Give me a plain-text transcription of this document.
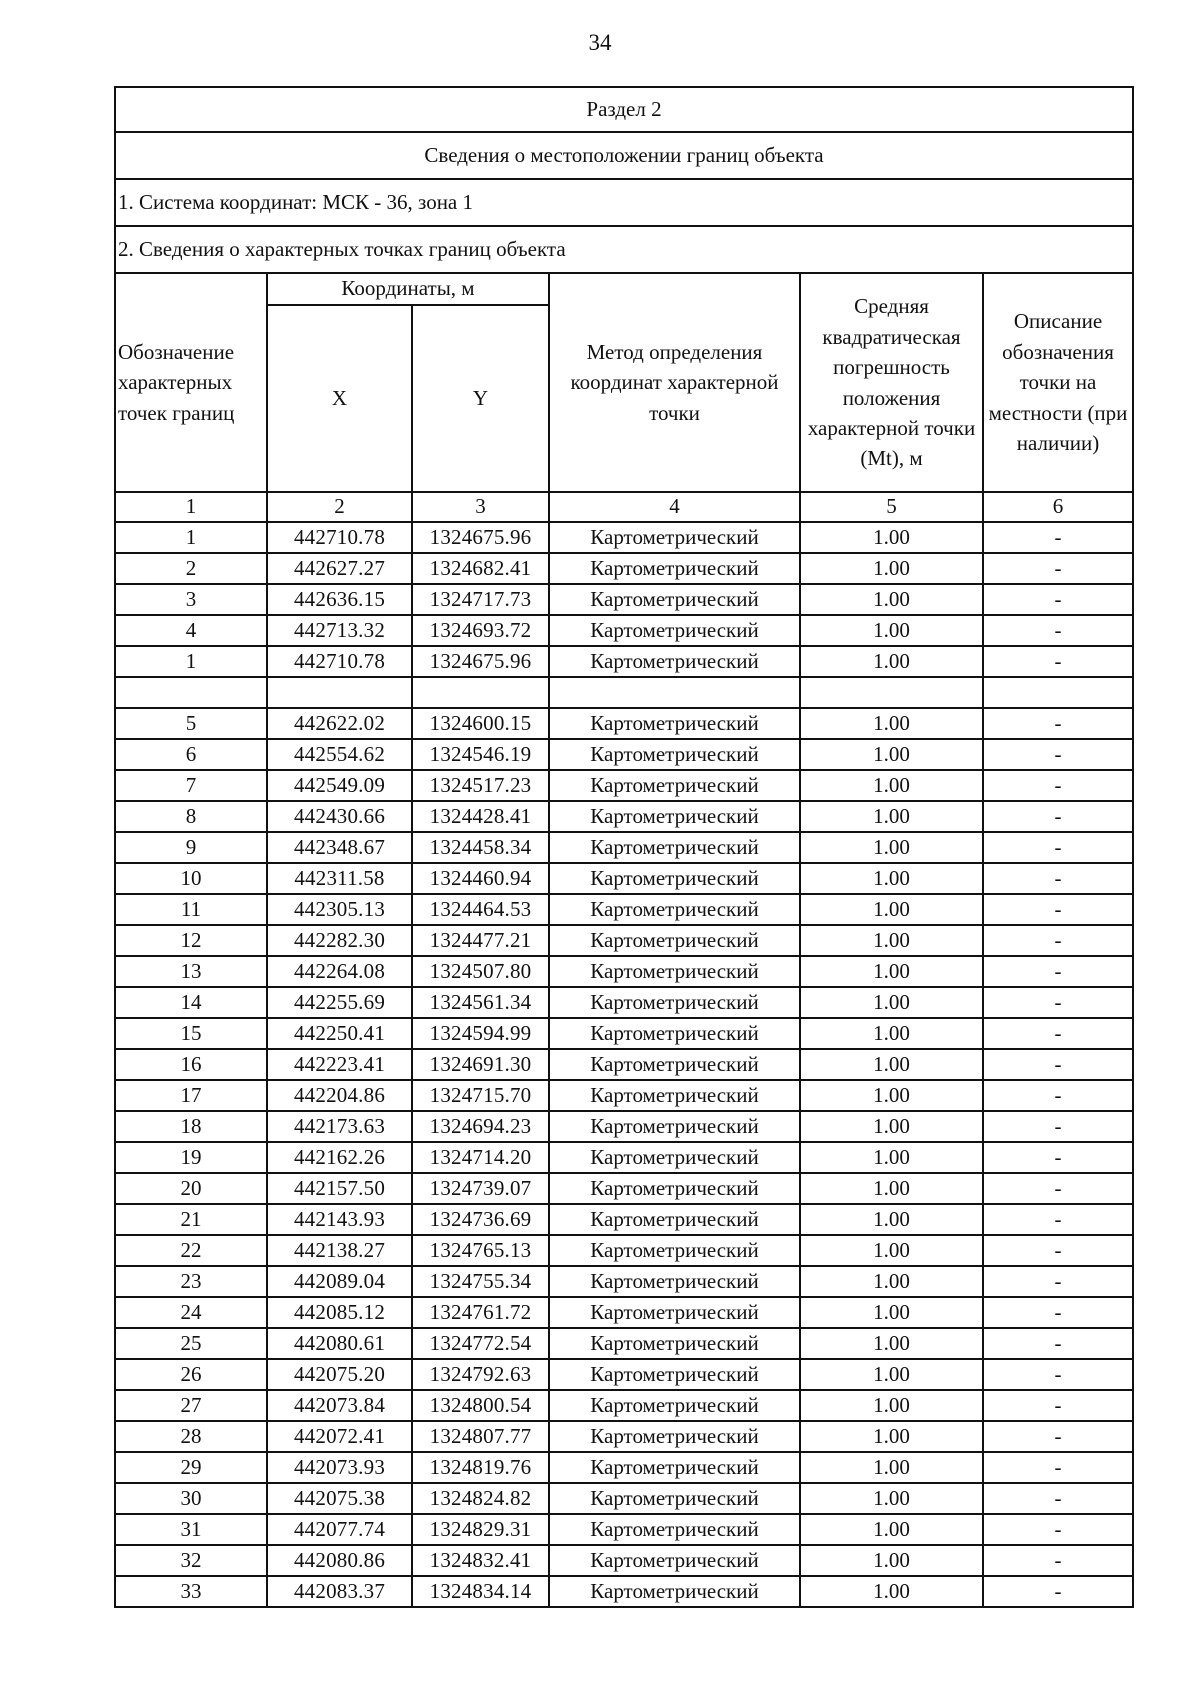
34
Раздел 2					
Сведения о местоположении границ объекта					
1. Система координат: МСК - 36, зона 1					
2. Сведения о характерных точках границ объекта					
Обозначение характерных точек границ	Координаты, м		Метод определения координат характерной точки	Средняя квадратическая погрешность положения характерной точки (Mt), м	Описание обозначения точки на местности (при наличии)
	X	Y			
1	2	3	4	5	6
1	442710.78	1324675.96	Картометрический	1.00	-
2	442627.27	1324682.41	Картометрический	1.00	-
3	442636.15	1324717.73	Картометрический	1.00	-
4	442713.32	1324693.72	Картометрический	1.00	-
1	442710.78	1324675.96	Картометрический	1.00	-

5	442622.02	1324600.15	Картометрический	1.00	-
6	442554.62	1324546.19	Картометрический	1.00	-
7	442549.09	1324517.23	Картометрический	1.00	-
8	442430.66	1324428.41	Картометрический	1.00	-
9	442348.67	1324458.34	Картометрический	1.00	-
10	442311.58	1324460.94	Картометрический	1.00	-
11	442305.13	1324464.53	Картометрический	1.00	-
12	442282.30	1324477.21	Картометрический	1.00	-
13	442264.08	1324507.80	Картометрический	1.00	-
14	442255.69	1324561.34	Картометрический	1.00	-
15	442250.41	1324594.99	Картометрический	1.00	-
16	442223.41	1324691.30	Картометрический	1.00	-
17	442204.86	1324715.70	Картометрический	1.00	-
18	442173.63	1324694.23	Картометрический	1.00	-
19	442162.26	1324714.20	Картометрический	1.00	-
20	442157.50	1324739.07	Картометрический	1.00	-
21	442143.93	1324736.69	Картометрический	1.00	-
22	442138.27	1324765.13	Картометрический	1.00	-
23	442089.04	1324755.34	Картометрический	1.00	-
24	442085.12	1324761.72	Картометрический	1.00	-
25	442080.61	1324772.54	Картометрический	1.00	-
26	442075.20	1324792.63	Картометрический	1.00	-
27	442073.84	1324800.54	Картометрический	1.00	-
28	442072.41	1324807.77	Картометрический	1.00	-
29	442073.93	1324819.76	Картометрический	1.00	-
30	442075.38	1324824.82	Картометрический	1.00	-
31	442077.74	1324829.31	Картометрический	1.00	-
32	442080.86	1324832.41	Картометрический	1.00	-
33	442083.37	1324834.14	Картометрический	1.00	-
